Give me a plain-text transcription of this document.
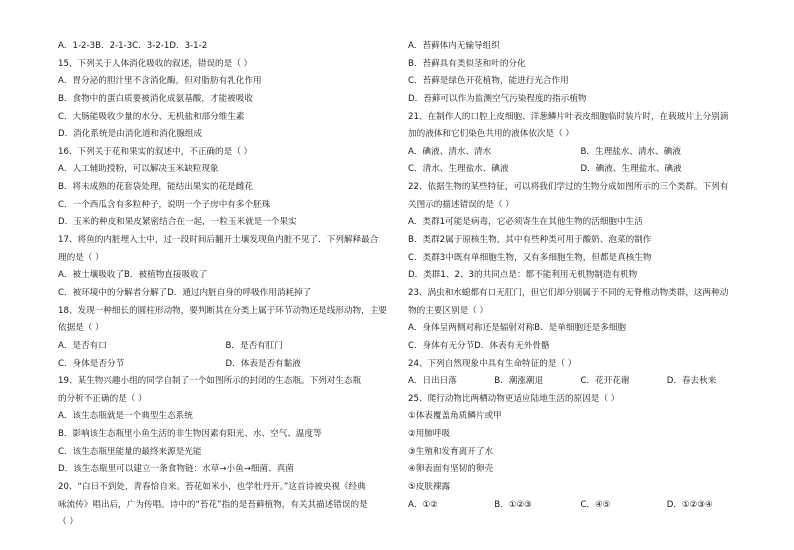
A．1-2-3B．2-1-3C．3-2-1D．3-1-2
15、下列关于人体消化吸收的叙述，错误的是（ ）
A．胃分泌的胆汁里不含消化酶，但对脂肪有乳化作用
B．食物中的蛋白质要被消化成氨基酸，才能被吸收
C．大肠能吸收少量的水分、无机盐和部分维生素
D．消化系统是由消化道和消化腺组成
16、下列关于花和果实的叙述中，不正确的是（ ）
A．人工辅助授粉，可以解决玉米缺粒现象
B．将未成熟的花套袋处理，能结出果实的花是雌花
C．一个西瓜含有多粒种子，说明一个子房中有多个胚珠
D．玉米的种皮和果皮紧密结合在一起，一粒玉米就是一个果实
17、将鱼的内脏埋入土中，过一段时间后翻开土壤发现鱼内脏不见了．下列解释最合
理的是（ ）
A．被土壤吸收了B．被植物直接吸收了
C．被环境中的分解者分解了D．通过内脏自身的呼吸作用消耗掉了
18、发现一种细长的圆柱形动物，要判断其在分类上属于环节动物还是线形动物，主要
依据是（ ）
A．是否有口	B．是否有肛门
C．身体是否分节	D．体表是否有黏液
19、某生物兴趣小组的同学自制了一个如图所示的封闭的生态瓶。下列对生态瓶
的分析不正确的是（ ）
A．该生态瓶就是一个典型生态系统
B．影响该生态瓶里小鱼生活的非生物因素有阳光、水、空气、温度等
C．该生态瓶里能量的最终来源是光能
D．该生态瓶里可以建立一条食物链：水草→小鱼→细菌、真菌
20、“白日不到处，青春恰自来。苔花如米小，也学牡丹开。”这首诗被央视《经典
咏流传》唱出后，广为传唱。诗中的“苔花”指的是苔藓植物，有关其描述错误的是
（ ）
A．苔藓体内无输导组织
B．苔藓具有类似茎和叶的分化
C．苔藓是绿色开花植物，能进行光合作用
D．苔藓可以作为监测空气污染程度的指示植物
21、在制作人的口腔上皮细胞、洋葱鳞片叶表皮细胞临时装片时，在载玻片上分别滴
加的液体和它们染色共用的液体依次是（ ）
A．碘液、清水、清水	B．生理盐水、清水、碘液
C．清水、生理盐水、碘液	D．碘液、生理盐水、碘液
22、依据生物的某些特征，可以将我们学过的生物分成如图所示的三个类群。下列有
关图示的描述错误的是（ ）
A．类群1可能是病毒，它必须寄生在其他生物的活细胞中生活
B．类群2属于原核生物，其中有些种类可用于酸奶、泡菜的制作
C．类群3中既有单细胞生物，又有多细胞生物，但都是真核生物
D．类群1、2、3的共同点是：都不能利用无机物制造有机物
23、涡虫和水螅都有口无肛门，但它们却分别属于不同的无脊椎动物类群，这两种动
物的主要区别是（ ）
A．身体呈两侧对称还是辐射对称B．是单细胞还是多细胞
C．身体有无分节D．体表有无外骨骼
24、下列自然现象中具有生命特征的是（ ）
A．日出日落	B．潮涨潮退	C．花开花谢	D．春去秋来
25、爬行动物比两栖动物更适应陆地生活的原因是（ ）
①体表覆盖角质鳞片或甲
②用肺呼吸
③生殖和发育离开了水
④卵表面有坚韧的卵壳
⑤皮肤裸露
A．①②	B．①②③	C．④⑤	D．①②③④
